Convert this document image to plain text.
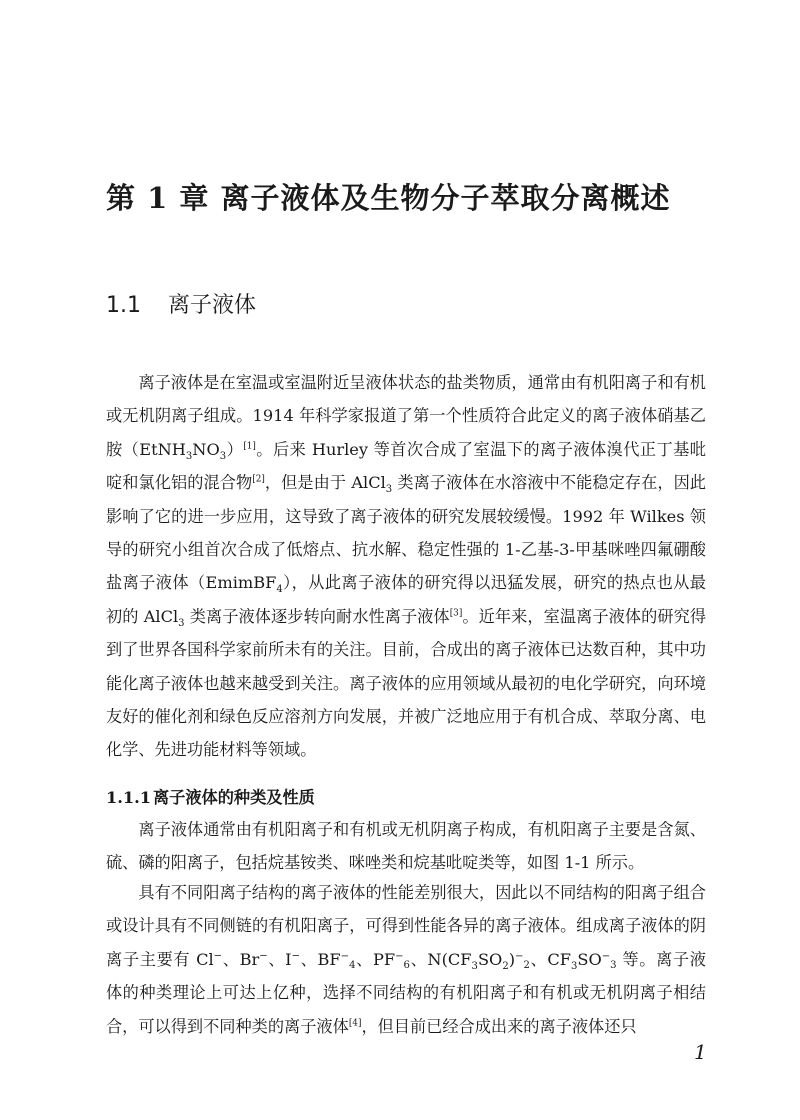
第 1 章 离子液体及生物分子萃取分离概述
1.1 离子液体
离子液体是在室温或室温附近呈液体状态的盐类物质，通常由有机阳离子和有机或无机阴离子组成。1914 年科学家报道了第一个性质符合此定义的离子液体硝基乙胺$(EtNH_3NO_3)[1]$。后来 Hurley 等首次合成了室温下的离子液体溴代正丁基吡啶和氯化铝的混合物[2]，但是由于 AlCl$_3$ 类离子液体在水溶液中不能稳定存在，因此影响了它的进一步应用，这导致了离子液体的研究发展较缓慢。1992 年 Wilkes 领导的研究小组首次合成了低熔点、抗水解、稳定性强的 1-乙基-3-甲基咪唑四氟硼酸盐离子液体（EmimBF$_4$），从此离子液体的研究得以迅猛发展，研究的热点也从最初的 AlCl$_3$ 类离子液体逐步转向耐水性离子液体[3]。近年来，室温离子液体的研究得到了世界各国科学家前所未有的关注。目前，合成出的离子液体已达数百种，其中功能化离子液体也越来越受到关注。离子液体的应用领域从最初的电化学研究，向环境友好的催化剂和绿色反应溶剂方向发展，并被广泛地应用于有机合成、萃取分离、电化学、先进功能材料等领域。
1.1.1 离子液体的种类及性质
离子液体通常由有机阳离子和有机或无机阴离子构成，有机阳离子主要是含氮、硫、磷的阳离子，包括烷基铵类、咪唑类和烷基吡啶类等，如图 1-1 所示。
具有不同阳离子结构的离子液体的性能差别很大，因此以不同结构的阳离子组合或设计具有不同侧链的有机阳离子，可得到性能各异的离子液体。组成离子液体的阴离子主要有 Cl−、Br−、I−、$BF^-_4$、$PF^-_6$、$N(CF_3SO_2)^-_2$、$CF_3SO^-_3$ 等。离子液体的种类理论上可达上亿种，选择不同结构的有机阳离子和有机或无机阴离子相结合，可以得到不同种类的离子液体[4]，但目前已经合成出来的离子液体还只
1
